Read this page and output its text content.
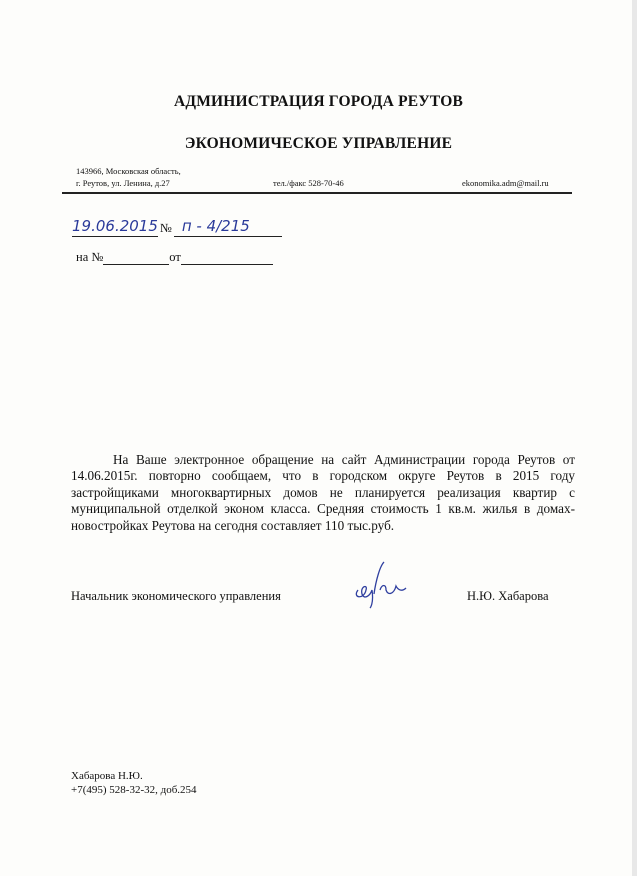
АДМИНИСТРАЦИЯ ГОРОДА РЕУТОВ
ЭКОНОМИЧЕСКОЕ УПРАВЛЕНИЕ
143966, Московская область,
г. Реутов, ул. Ленина, д.27	тел./факс 528-70-46	ekonomika.adm@mail.ru
19.06.2015 № п - 4/215
на №	от

На Ваше электронное обращение на сайт Администрации города Реутов от 14.06.2015г. повторно сообщаем, что в городском округе Реутов в 2015 году застройщиками многоквартирных домов не планируется реализация квартир с муниципальной отделкой эконом класса. Средняя стоимость 1 кв.м. жилья в домах-новостройках Реутова на сегодня составляет 110 тыс.руб.

Начальник экономического управления	Н.Ю. Хабарова
Хабарова Н.Ю.
+7(495) 528-32-32, доб.254
